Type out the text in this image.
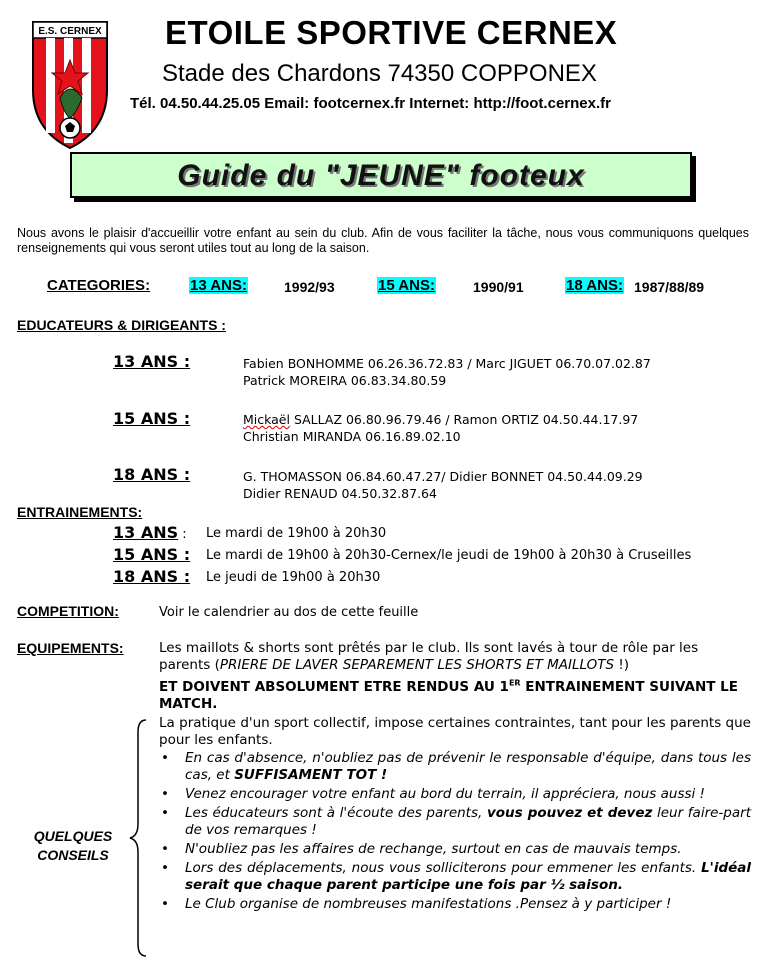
E.S. CERNEX ETOILE SPORTIVE CERNEX
Stade des Chardons 74350 COPPONEX
Tél. 04.50.44.25.05 Email: footcernex.fr Internet: http://foot.cernex.fr
Guide du "JEUNE" footeux
Nous avons le plaisir d'accueillir votre enfant au sein du club. Afin de vous faciliter la tâche, nous vous communiquons quelques renseignements qui vous seront utiles tout au long de la saison.
CATEGORIES:	13 ANS:	1992/93	15 ANS:	1990/91	18 ANS: 1987/88/89
EDUCATEURS & DIRIGEANTS :
13 ANS :	Fabien BONHOMME 06.26.36.72.83 / Marc JIGUET 06.70.07.02.87
Patrick MOREIRA 06.83.34.80.59
15 ANS :	Mickaël SALLAZ 06.80.96.79.46 / Ramon ORTIZ 04.50.44.17.97
Christian MIRANDA 06.16.89.02.10
18 ANS :	G. THOMASSON 06.84.60.47.27/ Didier BONNET 04.50.44.09.29
Didier RENAUD 04.50.32.87.64
ENTRAINEMENTS:
13 ANS : Le mardi de 19h00 à 20h30
15 ANS : Le mardi de 19h00 à 20h30-Cernex/le jeudi de 19h00 à 20h30 à Cruseilles
18 ANS : Le jeudi de 19h00 à 20h30
COMPETITION:	Voir le calendrier au dos de cette feuille
EQUIPEMENTS:	Les maillots & shorts sont prêtés par le club. Ils sont lavés à tour de rôle par les parents (PRIERE DE LAVER SEPAREMENT LES SHORTS ET MAILLOTS !)
ET DOIVENT ABSOLUMENT ETRE RENDUS AU 1ER ENTRAINEMENT SUIVANT LE MATCH.
QUELQUES
CONSEILS
La pratique d'un sport collectif, impose certaines contraintes, tant pour les parents que pour les enfants.
• En cas d'absence, n'oubliez pas de prévenir le responsable d'équipe, dans tous les cas, et SUFFISAMENT TOT !
• Venez encourager votre enfant au bord du terrain, il appréciera, nous aussi !
• Les éducateurs sont à l'écoute des parents, vous pouvez et devez leur faire-part de vos remarques !
• N'oubliez pas les affaires de rechange, surtout en cas de mauvais temps.
• Lors des déplacements, nous vous solliciterons pour emmener les enfants. L'idéal serait que chaque parent participe une fois par ½ saison.
• Le Club organise de nombreuses manifestations .Pensez à y participer !
